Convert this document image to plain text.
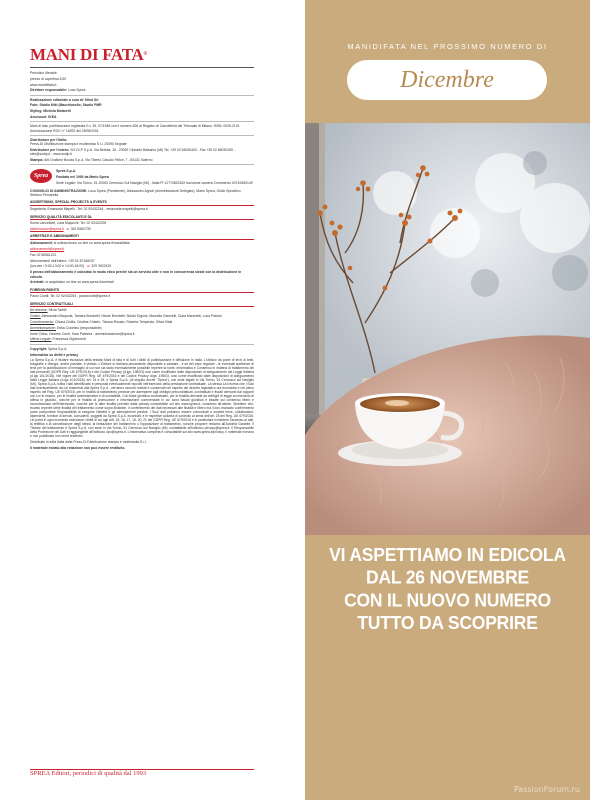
MANI DI FATA®

Periodico Mensile

prezzo di copertina 6,50

www.manidifata.it

Direttore responsabile: Luca Sprea

Realizzazione editoriale a cura di: Mind Srl

Foto: Studio Miki (Macchiavello, Studio PMR

Styling: Michela Motarelli

Accessori: IKEA

Mani di fata, pubblicazione registrata il n. 39, 07/1948 con il numero 306 al Registro di Cancelleria del Tribunale di Milano. ISSN: 0035-2101 Autorizzazione ROC n° 16392 del 25/08/2001

Distributore per l'Italia:
Press-Di Distribuzione stampa e multimedia S.r.l. 20090 Segrate

Distributore per l'estero: SO.DI.P S.p.A. Via Bettola, 18 - 20092 Cinisello Balsamo (MI) Tel. +39 02 66030400 - Fax +39 02 66030269 - sies@sodip.it - www.sodip.it

Stampa: Arti Grafiche Boccia S.p.A. Via Tiberio Claudio Felice, 7 - 84131 Salerno

Sprea

Sprea S.p.A.

Fondata nel 1993 da Mario Sprea

Sede Legale: Via Torino, 51 20063 Cernusco Sul Naviglio (MI) - Italia PI 12770820152 Iscrizione camera Commercio 00746350149

CONSIGLIO DI AMMINISTRAZIONE: Luca Sprea (Presidente), Alessandro Agnoli (Amministratore Delegato), Mario Sprea, Giulio Spreafico, Stefano Pernarella

ADVERTISING, SPECIAL PROJECTS & EVENTS

Segreteria: Emanuela Mapelli - Tel. 02 92432244 - emanuela.mapelli@sprea.it

SERVIZIO QUALITÀ EDICOLANTI E DL

Sonia Lancellotti, Luca Majocchi: Tel. 02 92432295

distribuzione@sprea.it ☏ 351 5582739

ARRETRATI E ABBONAMENTI

Abbonamenti: si sottoscrivono on-line su www.sprea.it/manidifata

abbonamenti@sprea.it

Fax 02 56561221

Abbonamenti dall'estero: +39 02 87168197

(lun-ven / 9:00-13:00 e 14:00-18:00) ☏ 329 3922420

Il prezzo dell'abbonamento è calcolato in modo etico perché sia un servizio utile e non in concorrenza sleale con la distribuzione in edicola.

Arretrati: si acquistano on-line su www.sprea.it/arretrati

FOREIGN RIGHTS

Paolo Cionti: Tel. 02 92432253 - paolocionti@sprea.it

SERVIZIO CONTRATTUALI

Art director: Silvia Taietti

Grafici: Alessandro Bisquola, Tamara Bombelli, Nicole Bombelli, Nicolò Digiuni, Marcella Gavinelli, Clara Marchetti, Luca Patrian

Coordinamento: Chiara Civilla, Cristina Chiarle, Tiziana Rosato, Roberta Tempesta, Silvia Vitali

Amministrazione: Erika Colombo (responsabile)

Irene Citino, Desirée Conti, Sara Palestra - amministrazione@sprea.it

Ufficio Legale: Francesca Sigismondi

Copyright: Sprea S.p.A.

Informativa su diritti e privacy

La Sprea S.p.A. è titolare esclusiva della testata Mani di fata e di tutti i diritti di pubblicazione e diffusione in Italia. L'utilizzo da parte di terzi di testi, fotografie e disegni, anche parziale, è vietato. L'Editore si dichiara pienamente disponibile a valutare - e se del caso regolare - le eventuali spettanze di terzi per la pubblicazione di immagini di cui non sia stato eventualmente possibile reperire la fonte. Informativa e Consenso in materia di trattamento dei dati personali (GDPR Reg. UE 679/2016) e del Codice Privacy (d.lgs. 196/03) così come modificato dalle disposizioni di adeguamento del Legge Italiana (d.lgs 101/2018). Nel vigore del GDPR Reg. UE 679/2016 e del Codice Privacy d.lgs. 196/03, così come modificato dalle disposizioni di adeguamento della Legge Italiana (d.lgs 101/2018), art. 24 e 25, e Sprea S.p.A. (di seguito anche "Sprea"), con sede legale in Via Torino, 51 Cernusco sul Naviglio (MI), Sprea S.p.A. tratta i dati identificativi e personali eventualmente raccolti nell'esercizio della prestazione contrattuale. La stessa La informa che i Suoi dati eventualmente da Lei trasmessi alla Sprea S.p.A., verranno raccolti, trattati e conservati nel rispetto del decreto legislativo ora enunciato e nel pieno rispetto del Reg. UE 679/2016, per le finalità di trattamento previste per adempiere agli obblighi precontrattuali, contrattuali e fiscali derivanti dai rapporti con Lei in essere, per le finalità amministrative e di contabilità. Con base giuridica contrattuale, per le finalità derivanti da obblighi di legge ed esercizio di difesa in giudizio, nonché per le finalità di promozione e informazione commerciale in cui sono basati giuridica e basate sul consenso libero e incondizionato dell'interessato, nonché per le altre finalità previste dalla privacy consultabile sul sito www.sprea.it, consenso all'utente. Sinettere che, trovato reperire delle finalità del trattamento come sopra illustrate, il conferimento dei dati necessari alle finalità e libero ma il loro mancato conferimento potrà comportare l'impossibilità di eseguire l'attività e gli adempimenti previsti. I Suoi dati potranno essere comunicati a società terze, collaboratori, dipendenti, fornitori di servizi, consulenti, soggetti da Sprea S.p.A. incaricati, e le rispettive autorità di controllo ai sensi dell'art. 28 del Reg. UE 679/2016. Lei potrà in ogni momento esercitare i diritti di cui agli artt. 15, 16, 17, 18, 20, 21 del GDPR Reg. UE 679/2016 e in particolare richiedere l'accesso ai dati, la rettifica o la cancellazione degli stessi, la limitazione del trattamento o l'opposizione al trattamento, nonché proporre reclamo all'Autorità Garante. Il Titolare del trattamento è Sprea S.p.A. con sede in Via Torino, 51 Cernusco sul Naviglio (MI), contattabile all'indirizzo privacy@sprea.it. Il Responsabile della Protezione dei Dati è raggiungibile all'indirizzo dpo@sprea.it. L'informativa completa è consultabile sul sito www.sprea.it/privacy. Il materiale ricevuto e non pubblicato non verrà restituito.

Distribuito in tutta Italia dalla Press-Di Distribuzione stampa e multimedia S.r.l.

Il materiale inviato alla redazione non può essere restituito.

SPREA Editori, periodici di qualità dal 1993
MANIDIFATA NEL PROSSIMO NUMERO DI
Dicembre
VI ASPETTIAMO IN EDICOLA
DAL 26 NOVEMBRE
CON IL NUOVO NUMERO
TUTTO DA SCOPRIRE
PassionForum.ru
